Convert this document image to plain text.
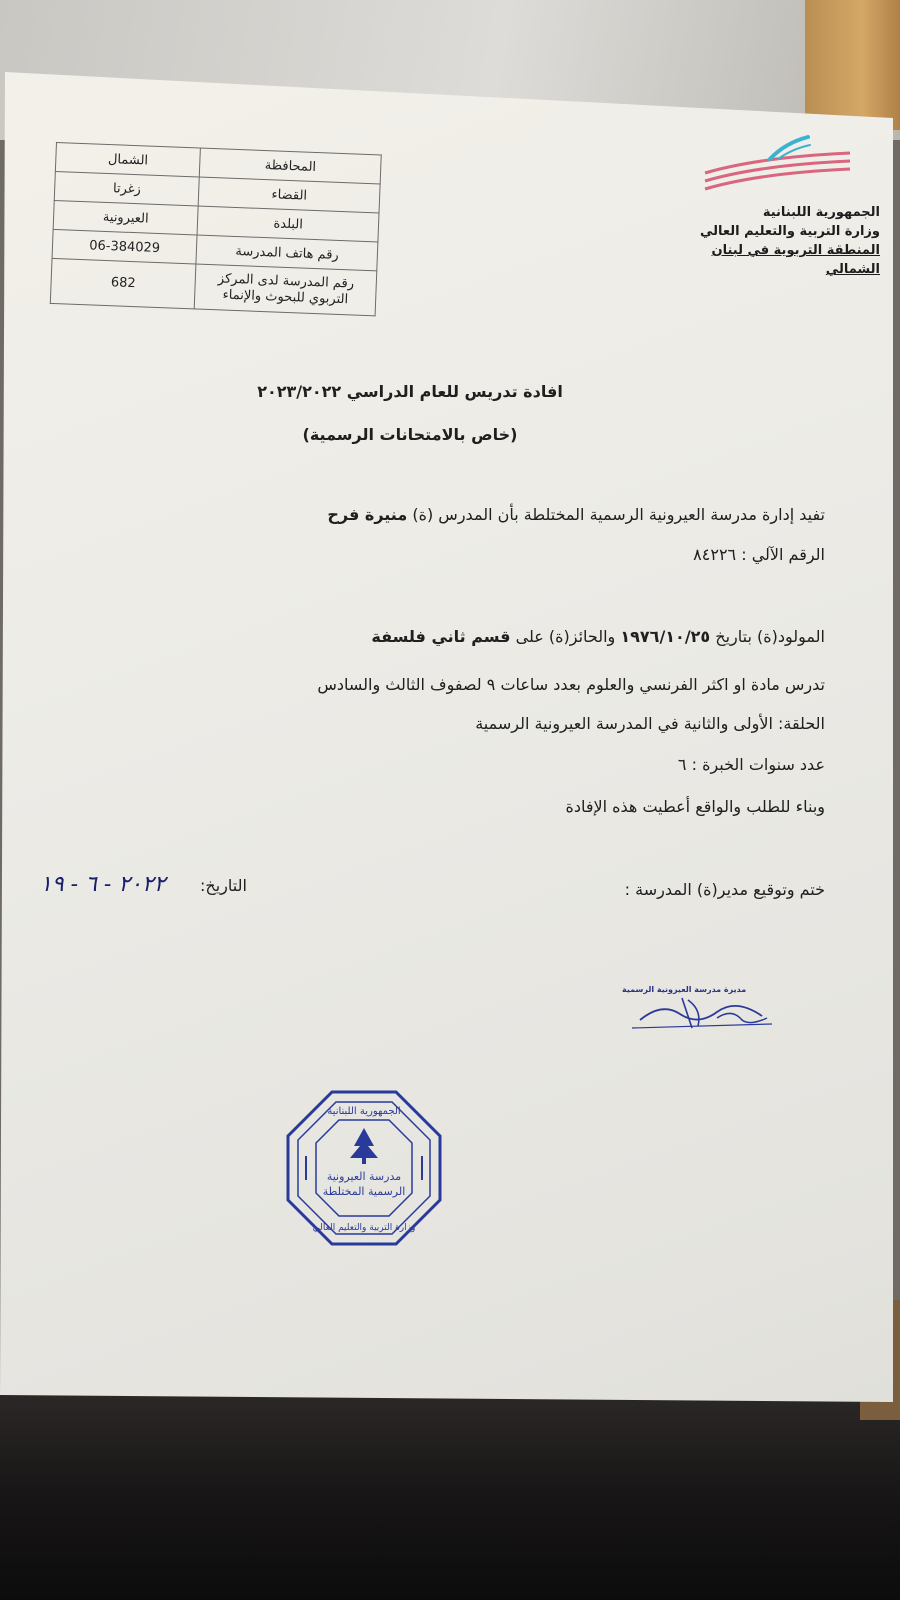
المحافظة	الشمال
القضاء	زغرتا
البلدة	العيرونية
رقم هاتف المدرسة	06-384029
رقم المدرسة لدى المركز التربوي للبحوث والإنماء	682
الجمهورية اللبنانية
وزارة التربية والتعليم العالي
المنطقة التربوية في لبنان الشمالي
افادة تدريس للعام الدراسي ٢٠٢٣/٢٠٢٢
(خاص بالامتحانات الرسمية)
تفيد إدارة مدرسة العيرونية الرسمية المختلطة بأن المدرس (ة) منيرة فرح
الرقم الآلي : ٨٤٢٢٦
المولود(ة) بتاريخ ١٩٧٦/١٠/٢٥ والحائز(ة) على قسم ثاني فلسفة
تدرس مادة او اكثر الفرنسي والعلوم بعدد ساعات ٩ لصفوف الثالث والسادس
الحلقة: الأولى والثانية في المدرسة العيرونية الرسمية
عدد سنوات الخبرة : ٦
وبناء للطلب والواقع أعطيت هذه الإفادة
ختم وتوقيع مدير(ة) المدرسة :
التاريخ:
٢٠٢٢ - ٦ - ١٩
مديرة مدرسة العيرونية الرسمية
مدرسة العيرونية
الرسمية المختلطة
الجمهورية اللبنانية
وزارة التربية والتعليم العالي
